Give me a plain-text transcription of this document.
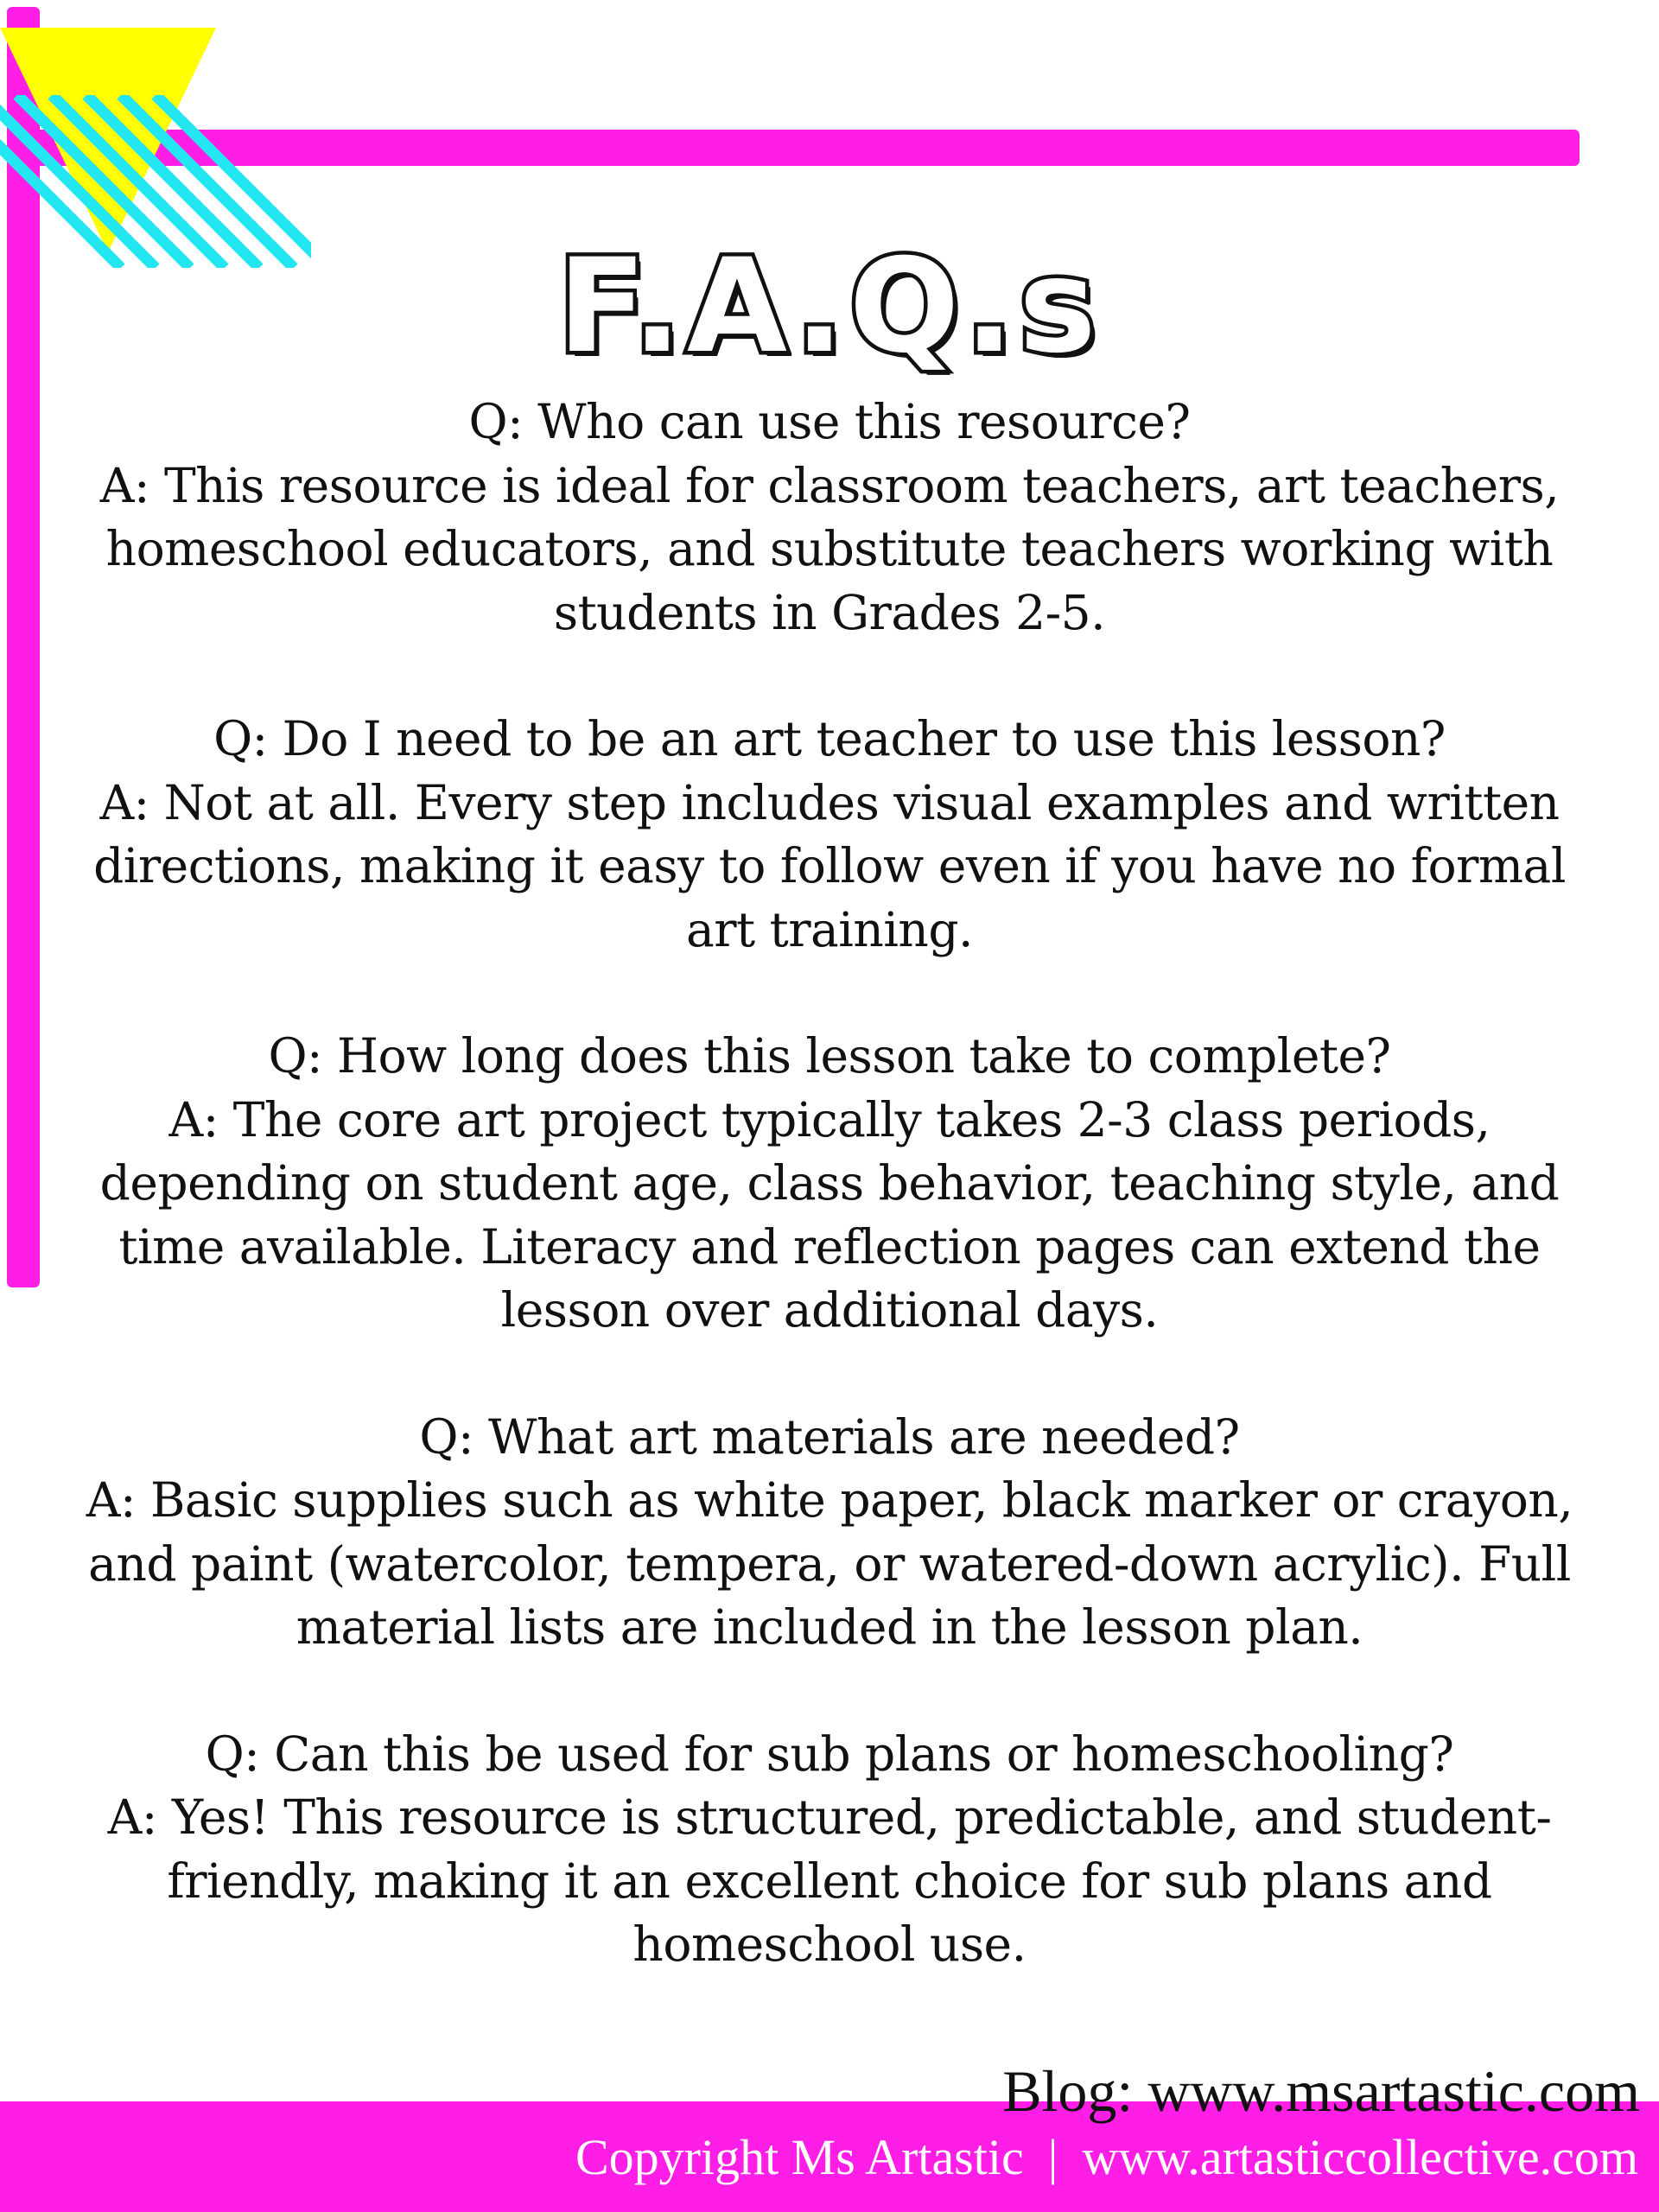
F.A.Q.s

Q: Who can use this resource?

A: This resource is ideal for classroom teachers, art teachers, homeschool educators, and substitute teachers working with students in Grades 2-5.

Q: Do I need to be an art teacher to use this lesson?

A: Not at all. Every step includes visual examples and written directions, making it easy to follow even if you have no formal art training.

Q: How long does this lesson take to complete?

A: The core art project typically takes 2-3 class periods, depending on student age, class behavior, teaching style, and time available. Literacy and reflection pages can extend the lesson over additional days.

Q: What art materials are needed?

A: Basic supplies such as white paper, black marker or crayon, and paint (watercolor, tempera, or watered-down acrylic). Full material lists are included in the lesson plan.

Q: Can this be used for sub plans or homeschooling?

A: Yes! This resource is structured, predictable, and student-friendly, making it an excellent choice for sub plans and homeschool use.

Blog: www.msartastic.com
Copyright Ms Artastic | www.artasticcollective.com
